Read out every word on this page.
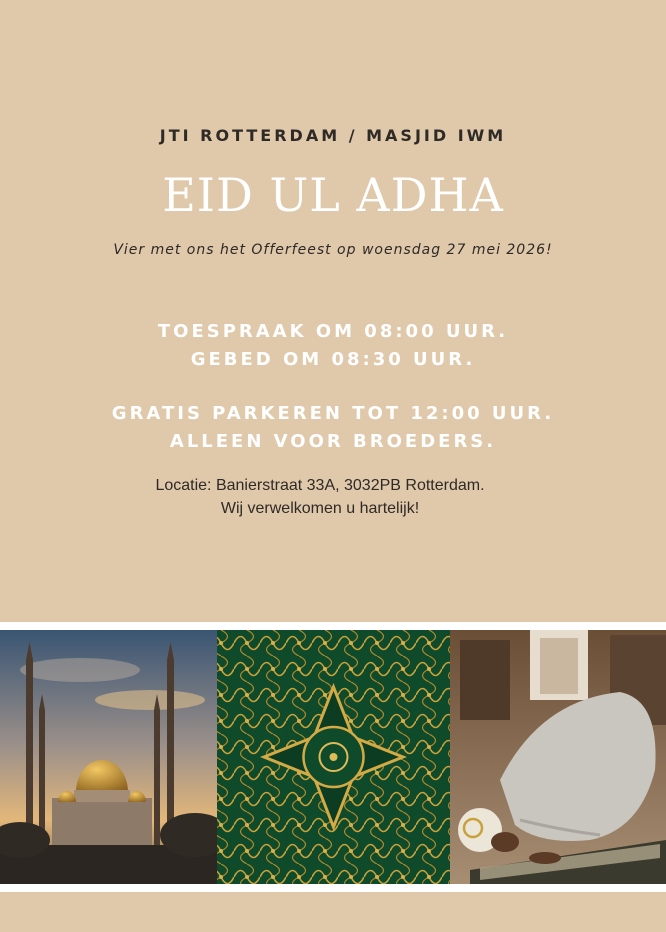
JTI ROTTERDAM / MASJID IWM
EID UL ADHA
Vier met ons het Offerfeest op woensdag 27 mei 2026!
TOESPRAAK OM 08:00 UUR.
GEBED OM 08:30 UUR.
GRATIS PARKEREN TOT 12:00 UUR.
ALLEEN VOOR BROEDERS.
Locatie: Banierstraat 33A, 3032PB Rotterdam.
Wij verwelkomen u hartelijk!
